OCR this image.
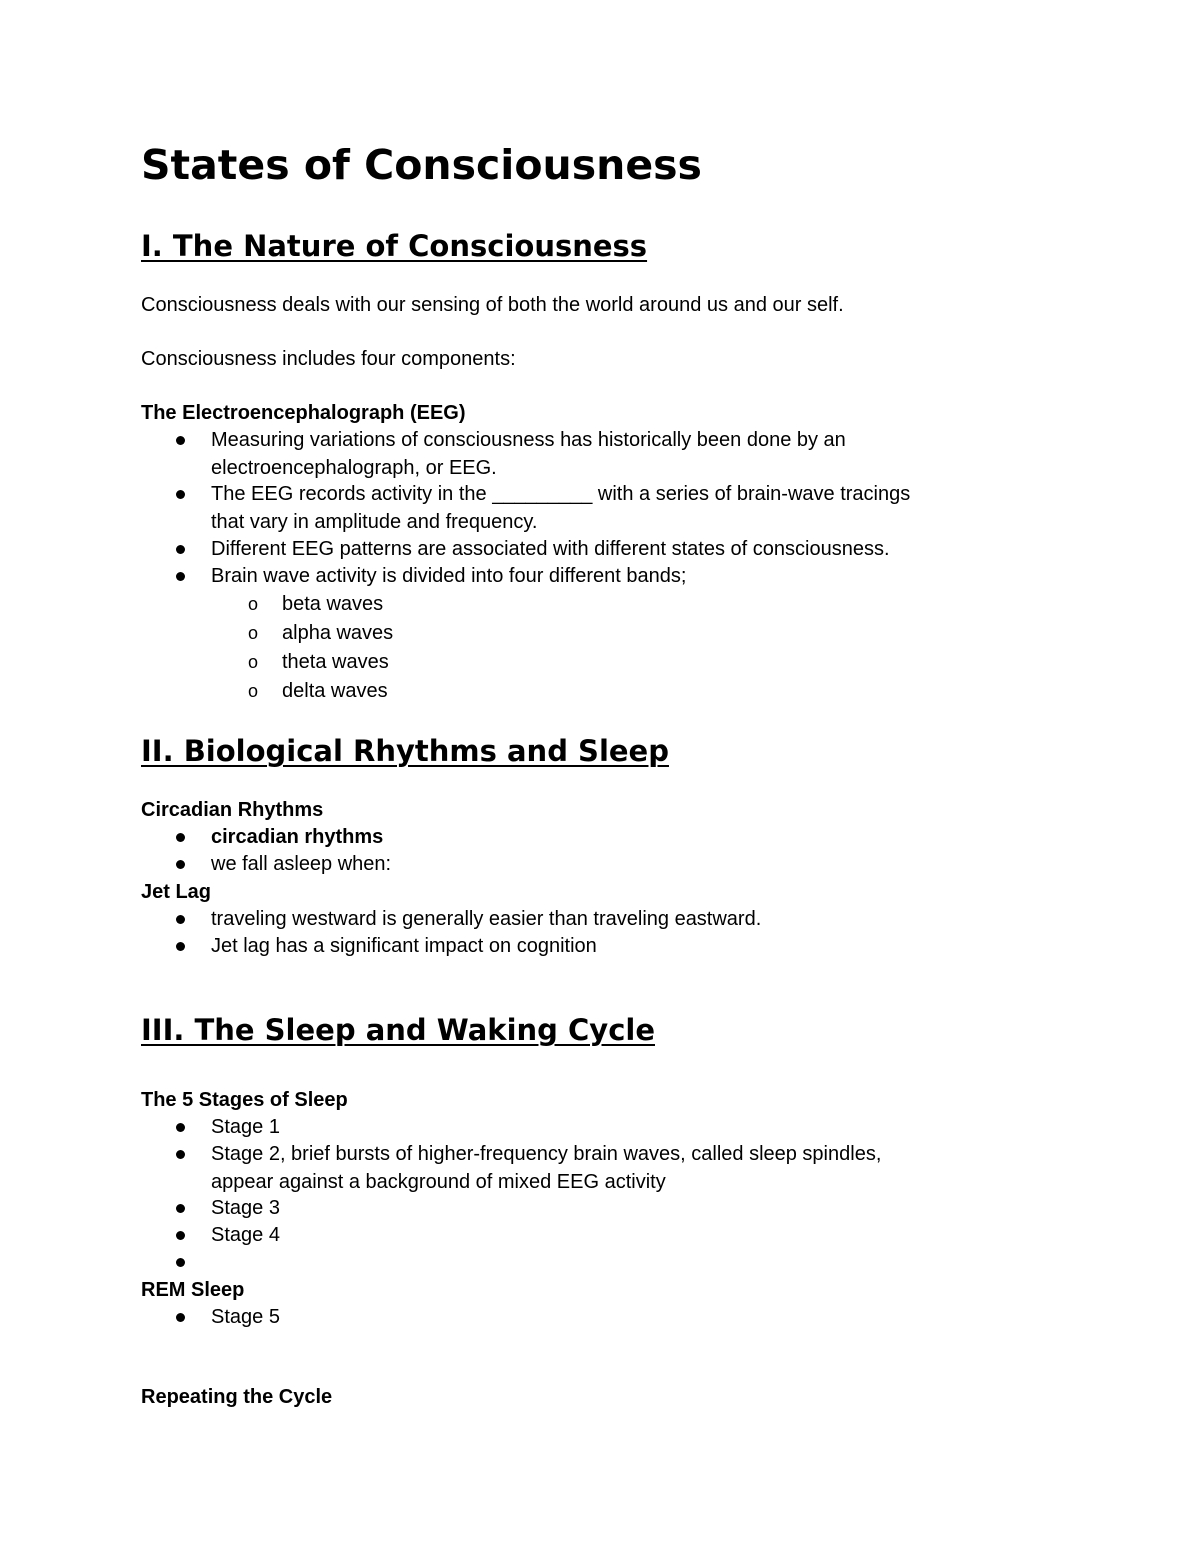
States of Consciousness
I. The Nature of Consciousness

Consciousness deals with our sensing of both the world around us and our self.

Consciousness includes four components:

The Electroencephalograph (EEG)

Measuring variations of consciousness has historically been done by an

electroencephalograph, or EEG.

The EEG records activity in the _________ with a series of brain-wave tracings

that vary in amplitude and frequency.

Different EEG patterns are associated with different states of consciousness.

Brain wave activity is divided into four different bands;

o beta waves

o alpha waves

o theta waves

o delta waves

II. Biological Rhythms and Sleep
Circadian Rhythms

circadian rhythms

we fall asleep when:

Jet Lag

traveling westward is generally easier than traveling eastward.

Jet lag has a significant impact on cognition

III. The Sleep and Waking Cycle
The 5 Stages of Sleep

Stage 1

Stage 2, brief bursts of higher-frequency brain waves, called sleep spindles,

appear against a background of mixed EEG activity

Stage 3

Stage 4

REM Sleep

Stage 5

Repeating the Cycle
